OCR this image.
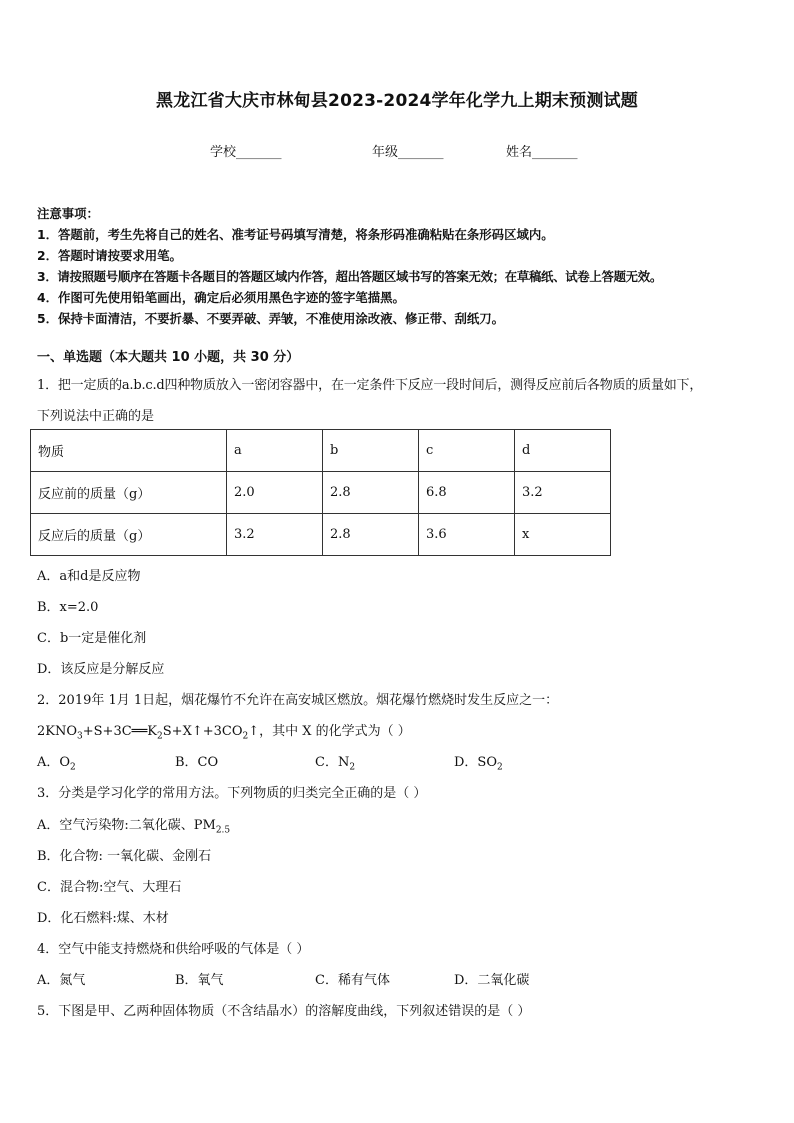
黑龙江省大庆市林甸县2023-2024学年化学九上期末预测试题
学校_______	年级_______	姓名_______
注意事项：
1．答题前，考生先将自己的姓名、准考证号码填写清楚，将条形码准确粘贴在条形码区域内。
2．答题时请按要求用笔。
3．请按照题号顺序在答题卡各题目的答题区域内作答，超出答题区域书写的答案无效；在草稿纸、试卷上答题无效。
4．作图可先使用铅笔画出，确定后必须用黑色字迹的签字笔描黑。
5．保持卡面清洁，不要折暴、不要弄破、弄皱，不准使用涂改液、修正带、刮纸刀。
一、单选题（本大题共 10 小题，共 30 分）
1．把一定质的a.b.c.d四种物质放入一密闭容器中，在一定条件下反应一段时间后，测得反应前后各物质的质量如下，
下列说法中正确的是
物质	a	b	c	d
反应前的质量（g）	2.0	2.8	6.8	3.2
反应后的质量（g）	3.2	2.8	3.6	x
A．a和d是反应物
B．x=2.0
C．b一定是催化剂
D．该反应是分解反应
2．2019年 1月 1日起，烟花爆竹不允许在高安城区燃放。烟花爆竹燃烧时发生反应之一：
$2KNO_3+S+3C══K_2S+X↑+3CO_2↑$，其中 X 的化学式为（ ）
A．$O_2$	B．CO	C．$N_2$	D．$SO_2$
3．分类是学习化学的常用方法。下列物质的归类完全正确的是（ ）
A．空气污染物:二氧化碳、$PM_{2.5}$
B．化合物: 一氧化碳、金刚石
C．混合物:空气、大理石
D．化石燃料:煤、木材
4．空气中能支持燃烧和供给呼吸的气体是（ ）
A．氮气	B．氧气	C．稀有气体	D．二氧化碳
5．下图是甲、乙两种固体物质（不含结晶水）的溶解度曲线，下列叙述错误的是（ ）
